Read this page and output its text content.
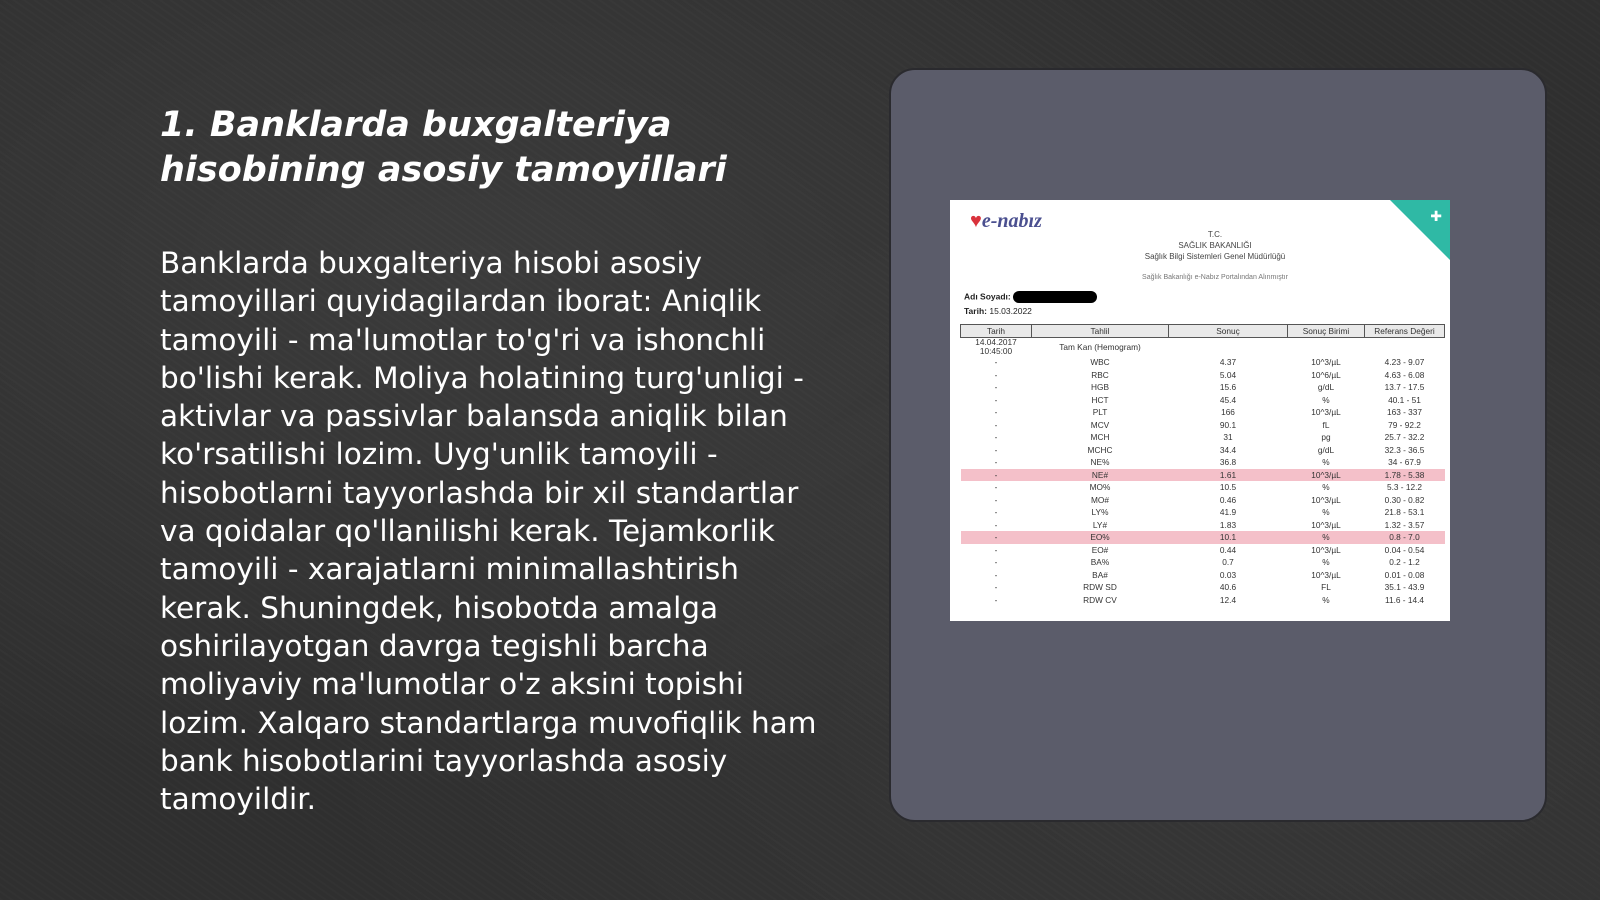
1. Banklarda buxgalteriya hisobining asosiy tamoyillari

Banklarda buxgalteriya hisobi asosiy tamoyillari quyidagilardan iborat: Aniqlik tamoyili - ma'lumotlar to'g'ri va ishonchli bo'lishi kerak. Moliya holatining turg'unligi - aktivlar va passivlar balansda aniqlik bilan ko'rsatilishi lozim. Uyg'unlik tamoyili - hisobotlarni tayyorlashda bir xil standartlar va qoidalar qo'llanilishi kerak. Tejamkorlik tamoyili - xarajatlarni minimallashtirish kerak. Shuningdek, hisobotda amalga oshirilayotgan davrga tegishli barcha moliyaviy ma'lumotlar o'z aksini topishi lozim. Xalqaro standartlarga muvofiqlik ham bank hisobotlarini tayyorlashda asosiy tamoyildir.

✚
♥e-nabız
T.C.
SAĞLIK BAKANLIĞI
Sağlık Bilgi Sistemleri Genel Müdürlüğü
Sağlık Bakanlığı e-Nabız Portalından Alınmıştır
Adı Soyadı:
Tarih: 15.03.2022
Tarih	Tahlil	Sonuç	Sonuç Birimi	Referans Değeri

14.04.2017
10:45:00	Tam Kan (Hemogram)			
-	WBC	4.37	10^3/µL	4.23 - 9.07
-	RBC	5.04	10^6/µL	4.63 - 6.08
-	HGB	15.6	g/dL	13.7 - 17.5
-	HCT	45.4	%	40.1 - 51
-	PLT	166	10^3/µL	163 - 337
-	MCV	90.1	fL	79 - 92.2
-	MCH	31	pg	25.7 - 32.2
-	MCHC	34.4	g/dL	32.3 - 36.5
-	NE%	36.8	%	34 - 67.9
-	NE#	1.61	10^3/µL	1.78 - 5.38
-	MO%	10.5	%	5.3 - 12.2
-	MO#	0.46	10^3/µL	0.30 - 0.82
-	LY%	41.9	%	21.8 - 53.1
-	LY#	1.83	10^3/µL	1.32 - 3.57
-	EO%	10.1	%	0.8 - 7.0
-	EO#	0.44	10^3/µL	0.04 - 0.54
-	BA%	0.7	%	0.2 - 1.2
-	BA#	0.03	10^3/µL	0.01 - 0.08
-	RDW SD	40.6	FL	35.1 - 43.9
-	RDW CV	12.4	%	11.6 - 14.4
